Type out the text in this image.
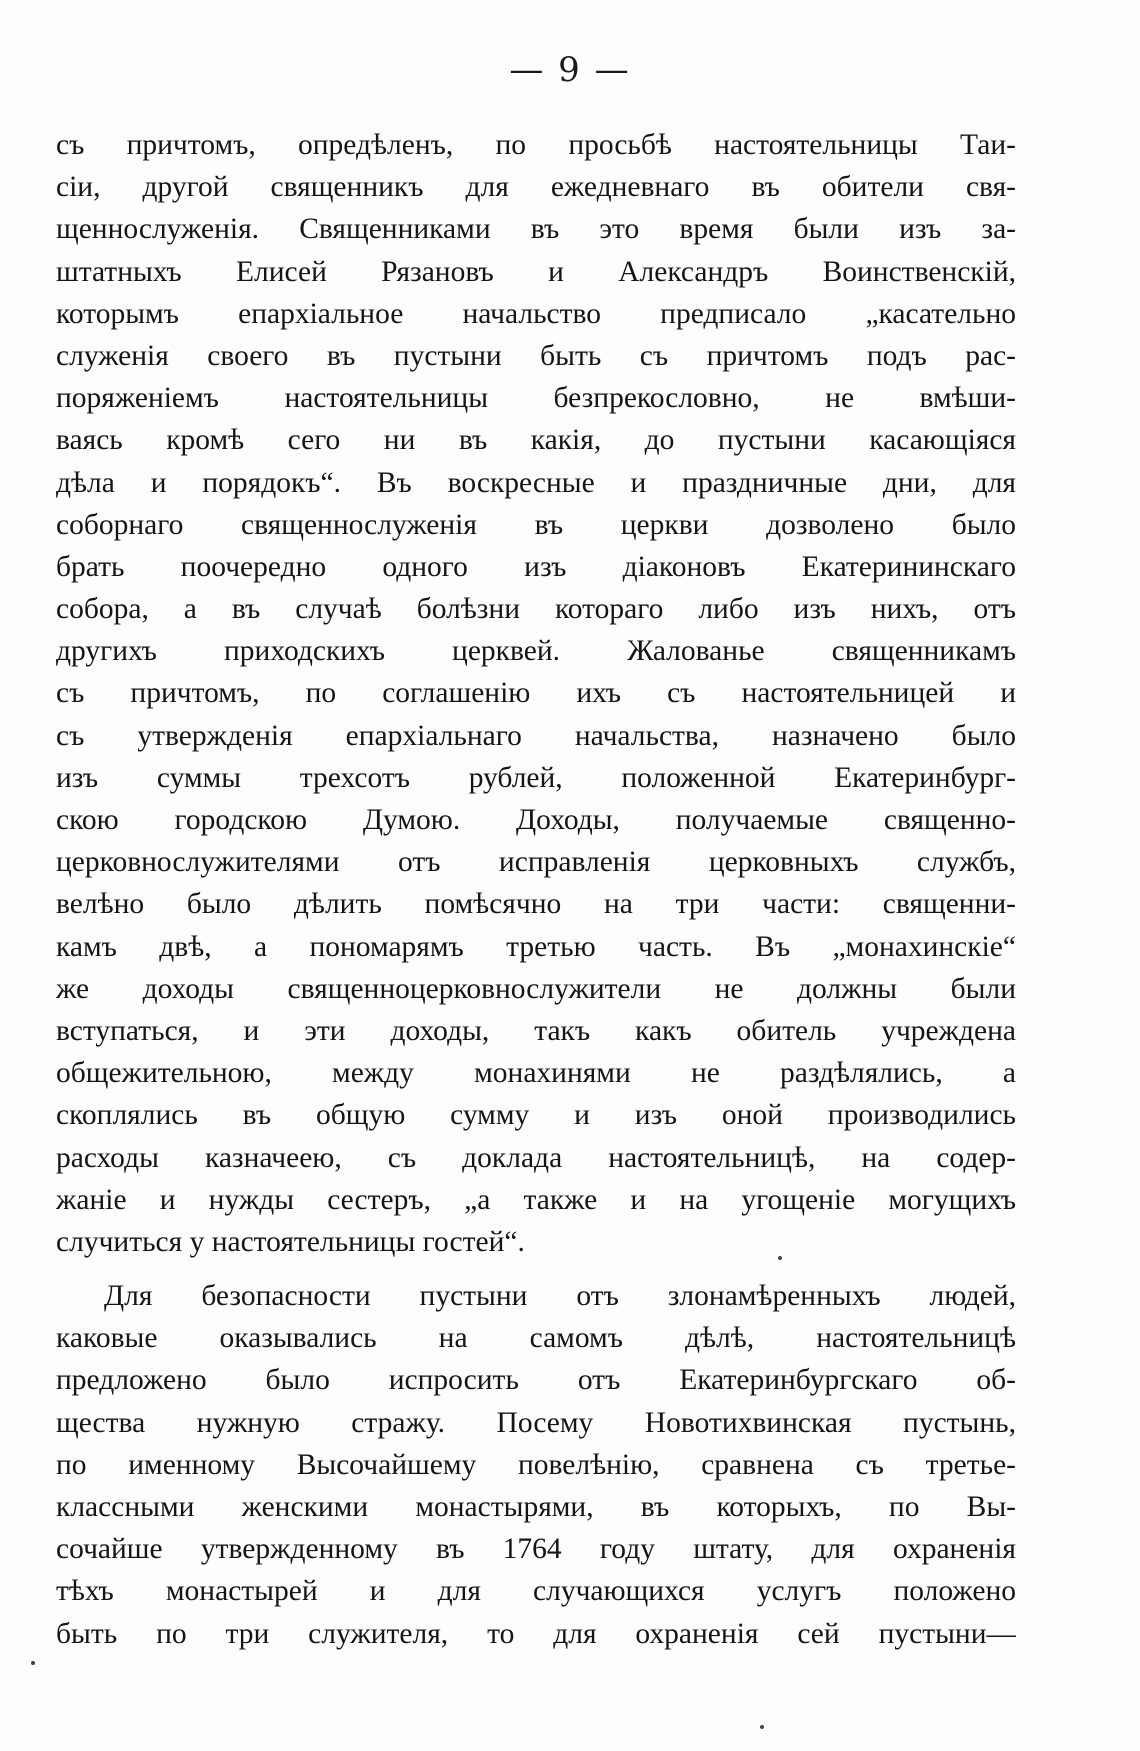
— 9 —
съ причтомъ, опредѣленъ, по просьбѣ настоятельницы Таи-
сіи, другой священникъ для ежедневнаго въ обители свя-
щеннослуженія. Священниками въ это время были изъ за-
штатныхъ Елисей Рязановъ и Александръ Воинственскій,
которымъ епархіальное начальство предписало „касательно
служенія своего въ пустыни быть съ причтомъ подъ рас-
поряженіемъ настоятельницы безпрекословно, не вмѣши-
ваясь кромѣ сего ни въ какія, до пустыни касающіяся
дѣла и порядокъ“. Въ воскресные и праздничные дни, для
соборнаго священнослуженія въ церкви дозволено было
брать поочередно одного изъ діаконовъ Екатерининскаго
собора, а въ случаѣ болѣзни котораго либо изъ нихъ, отъ
другихъ приходскихъ церквей. Жалованье священникамъ
съ причтомъ, по соглашенію ихъ съ настоятельницей и
съ утвержденія епархіальнаго начальства, назначено было
изъ суммы трехсотъ рублей, положенной Екатеринбург-
скою городскою Думою. Доходы, получаемые священно-
церковнослужителями отъ исправленія церковныхъ службъ,
велѣно было дѣлить помѣсячно на три части: священни-
камъ двѣ, а пономарямъ третью часть. Въ „монахинскіе“
же доходы священноцерковнослужители не должны были
вступаться, и эти доходы, такъ какъ обитель учреждена
общежительною, между монахинями не раздѣлялись, а
скоплялись въ общую сумму и изъ оной производились
расходы казначеею, съ доклада настоятельницѣ, на содер-
жаніе и нужды сестеръ, „а также и на угощеніе могущихъ
случиться у настоятельницы гостей“.
Для безопасности пустыни отъ злонамѣренныхъ людей,
каковые оказывались на самомъ дѣлѣ, настоятельницѣ
предложено было испросить отъ Екатеринбургскаго об-
щества нужную стражу. Посему Новотихвинская пустынь,
по именному Высочайшему повелѣнію, сравнена съ третье-
классными женскими монастырями, въ которыхъ, по Вы-
сочайше утвержденному въ 1764 году штату, для охраненія
тѣхъ монастырей и для случающихся услугъ положено
быть по три служителя, то для охраненія сей пустыни—
